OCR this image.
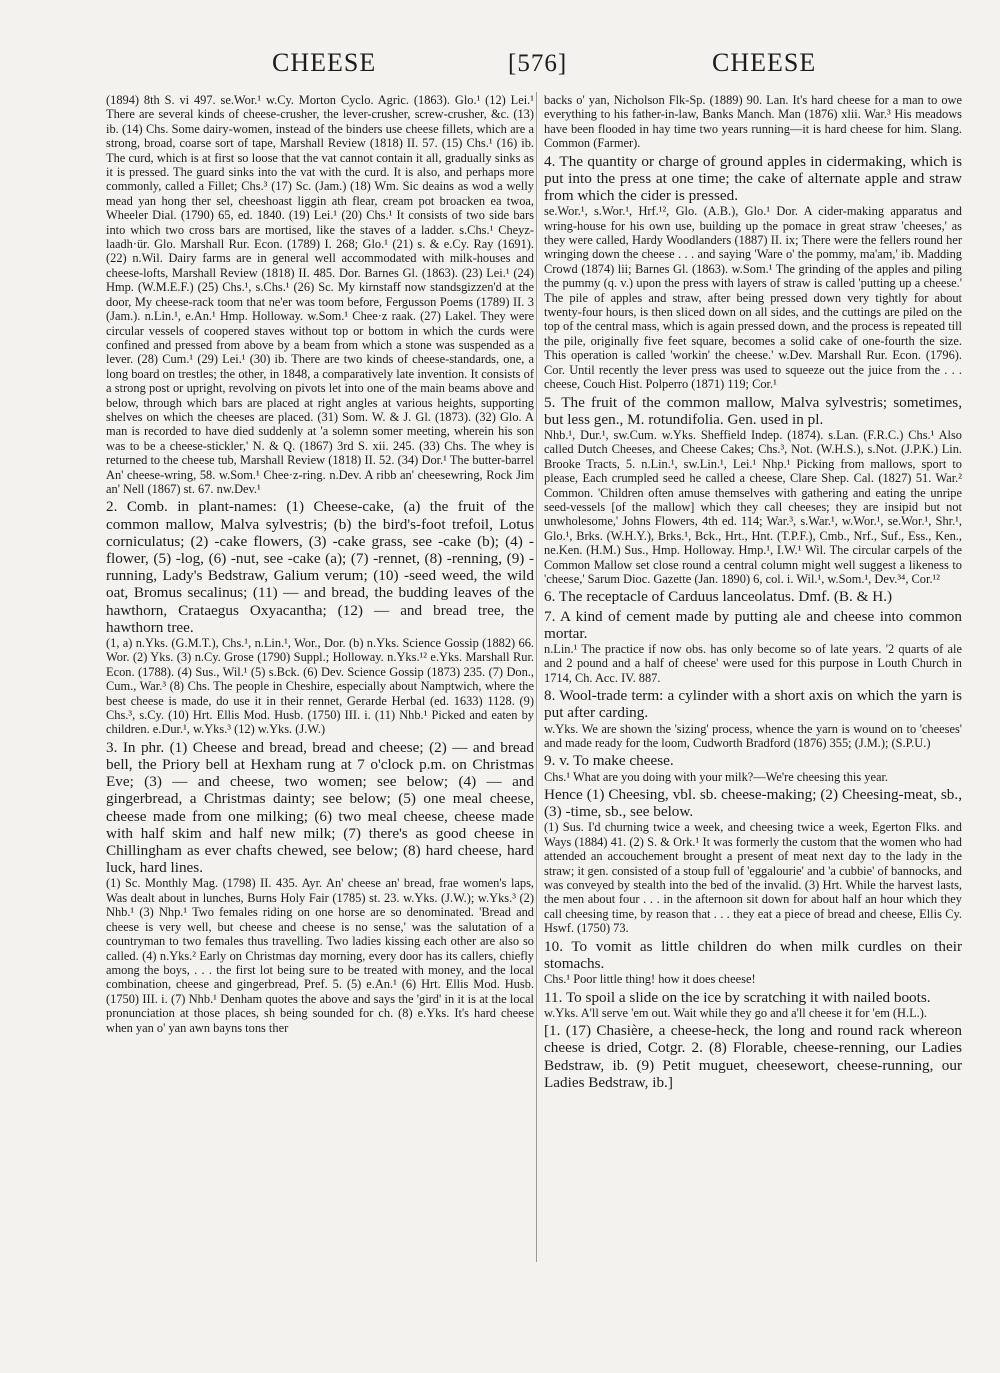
CHEESE	[576]	CHEESE

(1894) 8th S. vi 497. se.Wor.¹ w.Cy. Morton Cyclo. Agric. (1863). Glo.¹ (12) Lei.¹ There are several kinds of cheese-crusher, the lever-crusher, screw-crusher, &c. (13) ib. (14) Chs. Some dairy-women, instead of the binders use cheese fillets, which are a strong, broad, coarse sort of tape, Marshall Review (1818) II. 57. (15) Chs.¹ (16) ib. The curd, which is at first so loose that the vat cannot contain it all, gradually sinks as it is pressed. The guard sinks into the vat with the curd. It is also, and perhaps more commonly, called a Fillet; Chs.³ (17) Sc. (Jam.) (18) Wm. Sic deains as wod a welly mead yan hong ther sel, cheeshoast liggin ath flear, cream pot broacken ea twoa, Wheeler Dial. (1790) 65, ed. 1840. (19) Lei.¹ (20) Chs.¹ It consists of two side bars into which two cross bars are mortised, like the staves of a ladder. s.Chs.¹ Cheyz-laadh·ür. Glo. Marshall Rur. Econ. (1789) I. 268; Glo.¹ (21) s. & e.Cy. Ray (1691). (22) n.Wil. Dairy farms are in general well accommodated with milk-houses and cheese-lofts, Marshall Review (1818) II. 485. Dor. Barnes Gl. (1863). (23) Lei.¹ (24) Hmp. (W.M.E.F.) (25) Chs.¹, s.Chs.¹ (26) Sc. My kirnstaff now standsgizzen'd at the door, My cheese-rack toom that ne'er was toom before, Fergusson Poems (1789) II. 3 (Jam.). n.Lin.¹, e.An.¹ Hmp. Holloway. w.Som.¹ Chee·z raak. (27) Lakel. They were circular vessels of coopered staves without top or bottom in which the curds were confined and pressed from above by a beam from which a stone was suspended as a lever. (28) Cum.¹ (29) Lei.¹ (30) ib. There are two kinds of cheese-standards, one, a long board on trestles; the other, in 1848, a comparatively late invention. It consists of a strong post or upright, revolving on pivots let into one of the main beams above and below, through which bars are placed at right angles at various heights, supporting shelves on which the cheeses are placed. (31) Som. W. & J. Gl. (1873). (32) Glo. A man is recorded to have died suddenly at 'a solemn somer meeting, wherein his son was to be a cheese-stickler,' N. & Q. (1867) 3rd S. xii. 245. (33) Chs. The whey is returned to the cheese tub, Marshall Review (1818) II. 52. (34) Dor.¹ The butter-barrel An' cheese-wring, 58. w.Som.¹ Chee·z-ring. n.Dev. A ribb an' cheesewring, Rock Jim an' Nell (1867) st. 67. nw.Dev.¹

2. Comb. in plant-names: (1) Cheese-cake, (a) the fruit of the common mallow, Malva sylvestris; (b) the bird's-foot trefoil, Lotus corniculatus; (2) -cake flowers, (3) -cake grass, see -cake (b); (4) -flower, (5) -log, (6) -nut, see -cake (a); (7) -rennet, (8) -renning, (9) -running, Lady's Bedstraw, Galium verum; (10) -seed weed, the wild oat, Bromus secalinus; (11) — and bread, the budding leaves of the hawthorn, Crataegus Oxyacantha; (12) — and bread tree, the hawthorn tree.

(1, a) n.Yks. (G.M.T.), Chs.¹, n.Lin.¹, Wor., Dor. (b) n.Yks. Science Gossip (1882) 66. Wor. (2) Yks. (3) n.Cy. Grose (1790) Suppl.; Holloway. n.Yks.¹² e.Yks. Marshall Rur. Econ. (1788). (4) Sus., Wil.¹ (5) s.Bck. (6) Dev. Science Gossip (1873) 235. (7) Don., Cum., War.³ (8) Chs. The people in Cheshire, especially about Namptwich, where the best cheese is made, do use it in their rennet, Gerarde Herbal (ed. 1633) 1128. (9) Chs.³, s.Cy. (10) Hrt. Ellis Mod. Husb. (1750) III. i. (11) Nhb.¹ Picked and eaten by children. e.Dur.¹, w.Yks.³ (12) w.Yks. (J.W.)

3. In phr. (1) Cheese and bread, bread and cheese; (2) — and bread bell, the Priory bell at Hexham rung at 7 o'clock p.m. on Christmas Eve; (3) — and cheese, two women; see below; (4) — and gingerbread, a Christmas dainty; see below; (5) one meal cheese, cheese made from one milking; (6) two meal cheese, cheese made with half skim and half new milk; (7) there's as good cheese in Chillingham as ever chafts chewed, see below; (8) hard cheese, hard luck, hard lines.

(1) Sc. Monthly Mag. (1798) II. 435. Ayr. An' cheese an' bread, frae women's laps, Was dealt about in lunches, Burns Holy Fair (1785) st. 23. w.Yks. (J.W.); w.Yks.³ (2) Nhb.¹ (3) Nhp.¹ Two females riding on one horse are so denominated. 'Bread and cheese is very well, but cheese and cheese is no sense,' was the salutation of a countryman to two females thus travelling. Two ladies kissing each other are also so called. (4) n.Yks.² Early on Christmas day morning, every door has its callers, chiefly among the boys, . . . the first lot being sure to be treated with money, and the local combination, cheese and gingerbread, Pref. 5. (5) e.An.¹ (6) Hrt. Ellis Mod. Husb. (1750) III. i. (7) Nhb.¹ Denham quotes the above and says the 'gird' in it is at the local pronunciation at those places, sh being sounded for ch. (8) e.Yks. It's hard cheese when yan o' yan awn bayns tons ther

backs o' yan, Nicholson Flk-Sp. (1889) 90. Lan. It's hard cheese for a man to owe everything to his father-in-law, Banks Manch. Man (1876) xlii. War.³ His meadows have been flooded in hay time two years running—it is hard cheese for him. Slang. Common (Farmer).

4. The quantity or charge of ground apples in cidermaking, which is put into the press at one time; the cake of alternate apple and straw from which the cider is pressed.

se.Wor.¹, s.Wor.¹, Hrf.¹², Glo. (A.B.), Glo.¹ Dor. A cider-making apparatus and wring-house for his own use, building up the pomace in great straw 'cheeses,' as they were called, Hardy Woodlanders (1887) II. ix; There were the fellers round her wringing down the cheese . . . and saying 'Ware o' the pommy, ma'am,' ib. Madding Crowd (1874) lii; Barnes Gl. (1863). w.Som.¹ The grinding of the apples and piling the pummy (q. v.) upon the press with layers of straw is called 'putting up a cheese.' The pile of apples and straw, after being pressed down very tightly for about twenty-four hours, is then sliced down on all sides, and the cuttings are piled on the top of the central mass, which is again pressed down, and the process is repeated till the pile, originally five feet square, becomes a solid cake of one-fourth the size. This operation is called 'workin' the cheese.' w.Dev. Marshall Rur. Econ. (1796). Cor. Until recently the lever press was used to squeeze out the juice from the . . . cheese, Couch Hist. Polperro (1871) 119; Cor.¹

5. The fruit of the common mallow, Malva sylvestris; sometimes, but less gen., M. rotundifolia. Gen. used in pl.

Nhb.¹, Dur.¹, sw.Cum. w.Yks. Sheffield Indep. (1874). s.Lan. (F.R.C.) Chs.¹ Also called Dutch Cheeses, and Cheese Cakes; Chs.³, Not. (W.H.S.), s.Not. (J.P.K.) Lin. Brooke Tracts, 5. n.Lin.¹, sw.Lin.¹, Lei.¹ Nhp.¹ Picking from mallows, sport to please, Each crumpled seed he called a cheese, Clare Shep. Cal. (1827) 51. War.² Common. 'Children often amuse themselves with gathering and eating the unripe seed-vessels [of the mallow] which they call cheeses; they are insipid but not unwholesome,' Johns Flowers, 4th ed. 114; War.³, s.War.¹, w.Wor.¹, se.Wor.¹, Shr.¹, Glo.¹, Brks. (W.H.Y.), Brks.¹, Bck., Hrt., Hnt. (T.P.F.), Cmb., Nrf., Suf., Ess., Ken., ne.Ken. (H.M.) Sus., Hmp. Holloway. Hmp.¹, I.W.¹ Wil. The circular carpels of the Common Mallow set close round a central column might well suggest a likeness to 'cheese,' Sarum Dioc. Gazette (Jan. 1890) 6, col. i. Wil.¹, w.Som.¹, Dev.³⁴, Cor.¹²

6. The receptacle of Carduus lanceolatus. Dmf. (B. & H.)

7. A kind of cement made by putting ale and cheese into common mortar.

n.Lin.¹ The practice if now obs. has only become so of late years. '2 quarts of ale and 2 pound and a half of cheese' were used for this purpose in Louth Church in 1714, Ch. Acc. IV. 887.

8. Wool-trade term: a cylinder with a short axis on which the yarn is put after carding.

w.Yks. We are shown the 'sizing' process, whence the yarn is wound on to 'cheeses' and made ready for the loom, Cudworth Bradford (1876) 355; (J.M.); (S.P.U.)

9. v. To make cheese.

Chs.¹ What are you doing with your milk?—We're cheesing this year.

Hence (1) Cheesing, vbl. sb. cheese-making; (2) Cheesing-meat, sb., (3) -time, sb., see below.

(1) Sus. I'd churning twice a week, and cheesing twice a week, Egerton Flks. and Ways (1884) 41. (2) S. & Ork.¹ It was formerly the custom that the women who had attended an accouchement brought a present of meat next day to the lady in the straw; it gen. consisted of a stoup full of 'eggalourie' and 'a cubbie' of bannocks, and was conveyed by stealth into the bed of the invalid. (3) Hrt. While the harvest lasts, the men about four . . . in the afternoon sit down for about half an hour which they call cheesing time, by reason that . . . they eat a piece of bread and cheese, Ellis Cy. Hswf. (1750) 73.

10. To vomit as little children do when milk curdles on their stomachs.

Chs.¹ Poor little thing! how it does cheese!

11. To spoil a slide on the ice by scratching it with nailed boots.

w.Yks. A'll serve 'em out. Wait while they go and a'll cheese it for 'em (H.L.).

[1. (17) Chasière, a cheese-heck, the long and round rack whereon cheese is dried, Cotgr. 2. (8) Florable, cheese-renning, our Ladies Bedstraw, ib. (9) Petit muguet, cheesewort, cheese-running, our Ladies Bedstraw, ib.]
